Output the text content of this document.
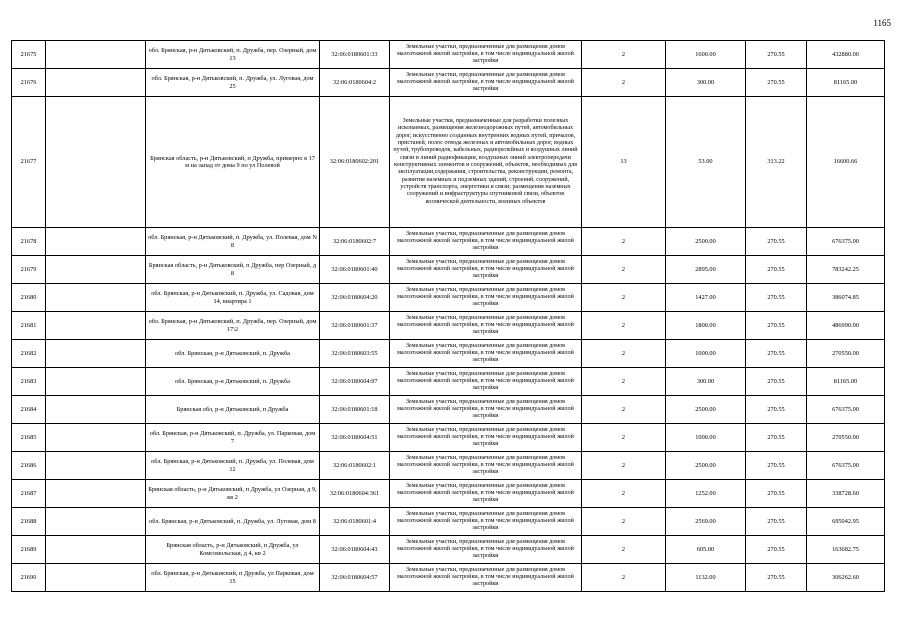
1165
21675		обл. Брянская, р-н Дятьковский, п. Дружба, пер. Озерный, дом 13	32:06:0180601:33	Земельные участки, предназначенные для размещения домов малоэтажной жилой застройки, в том числе индивидуальной жилой застройки	2	1600.00	270.55	432880.00
21676		обл. Брянская, р-н Дятьковский, п. Дружба, ул. Луговая, дом 25	32:06:0180604:2	Земельные участки, предназначенные для размещения домов малоэтажной жилой застройки, в том числе индивидуальной жилой застройки	2	300.00	270.55	81165.00
21677		Брянская область, р-н Дятьковский, п Дружба, примерно в 17 м на запад от дома 9 по ул Полевой	32:06:0180602:201	Земельные участки, предназначенные для разработки полезных ископаемых, размещения железнодорожных путей, автомобильных дорог, искусственно созданных внутренних водных путей, причалов, пристаней, полос отвода железных и автомобильных дорог, водных путей, трубопроводов, кабельных, радиорелейных и воздушных линий связи и линий радиофикации, воздушных линий электропередачи конструктивных элементов и сооружений, объектов, необходимых для эксплуатации,содержания, строительства, реконструкции, ремонта, развития наземных и подземных зданий, строений, сооружений, устройств транспорта, энергетики и связи; размещения наземных сооружений и инфраструктуры спутниковой связи, объектов космической деятельности, военных объектов	13	53.00	313.22	16600.66
21678		обл. Брянская, р-н Дятьковский, п. Дружба, ул. Полевая, дом N 8	32:06:0180602:7	Земельные участки, предназначенные для размещения домов малоэтажной жилой застройки, в том числе индивидуальной жилой застройки	2	2500.00	270.55	676375.00
21679		Брянская область, р-н Дятьковский, п Дружба, пер Озерный, д 8	32:06:0180601:40	Земельные участки, предназначенные для размещения домов малоэтажной жилой застройки, в том числе индивидуальной жилой застройки	2	2895.00	270.55	783242.25
21680		обл. Брянская, р-н Дятьковский, п. Дружба, ул. Садовая, дом 14, квартира 1	32:06:0180604:20	Земельные участки, предназначенные для размещения домов малоэтажной жилой застройки, в том числе индивидуальной жилой застройки	2	1427.00	270.55	386074.85
21681		обл. Брянская, р-н Дятьковский, п. Дружба, пер. Озерный, дом 17\2	32:06:0180601:37	Земельные участки, предназначенные для размещения домов малоэтажной жилой застройки, в том числе индивидуальной жилой застройки	2	1800.00	270.55	486990.00
21682		обл. Брянская, р-н Дятьковский, п. Дружба	32:06:0180603:55	Земельные участки, предназначенные для размещения домов малоэтажной жилой застройки, в том числе индивидуальной жилой застройки	2	1000.00	270.55	270550.00
21683		обл. Брянская, р-н Дятьковский, п. Дружба	32:06:0180604:97	Земельные участки, предназначенные для размещения домов малоэтажной жилой застройки, в том числе индивидуальной жилой застройки	2	300.00	270.55	81165.00
21684		Брянская обл, р-н Дятьковский, п Дружба	32:06:0180601:18	Земельные участки, предназначенные для размещения домов малоэтажной жилой застройки, в том числе индивидуальной жилой застройки	2	2500.00	270.55	676375.00
21685		обл. Брянская, р-н Дятьковский, п. Дружба, ул. Парковая, дом 7	32:06:0180604:51	Земельные участки, предназначенные для размещения домов малоэтажной жилой застройки, в том числе индивидуальной жилой застройки	2	1000.00	270.55	270550.00
21686		обл. Брянская, р-н Дятьковский, п. Дружба, ул. Полевая, дом 12	32:06:0180602:1	Земельные участки, предназначенные для размещения домов малоэтажной жилой застройки, в том числе индивидуальной жилой застройки	2	2500.00	270.55	676375.00
21687		Брянская область, р-н Дятьковский, п Дружба, ул Озерная, д 9, кв 2	32:06:0180604:361	Земельные участки, предназначенные для размещения домов малоэтажной жилой застройки, в том числе индивидуальной жилой застройки	2	1252.00	270.55	338728.60
21688		обл. Брянская, р-н Дятьковский, п. Дружба, ул. Луговая, дом 8	32:06:0180601:4	Земельные участки, предназначенные для размещения домов малоэтажной жилой застройки, в том числе индивидуальной жилой застройки	2	2569.00	270.55	695042.95
21689		Брянская область, р-н Дятьковский, п Дружба, ул Комсомольская, д 4, кв 2	32:06:0180604:43	Земельные участки, предназначенные для размещения домов малоэтажной жилой застройки, в том числе индивидуальной жилой застройки	2	605.00	270.55	163682.75
21690		обл. Брянская, р-н Дятьковский, п Дружба, ул Парковая, дом 15	32:06:0180604:57	Земельные участки, предназначенные для размещения домов малоэтажной жилой застройки, в том числе индивидуальной жилой застройки	2	1132.00	270.55	306262.60
